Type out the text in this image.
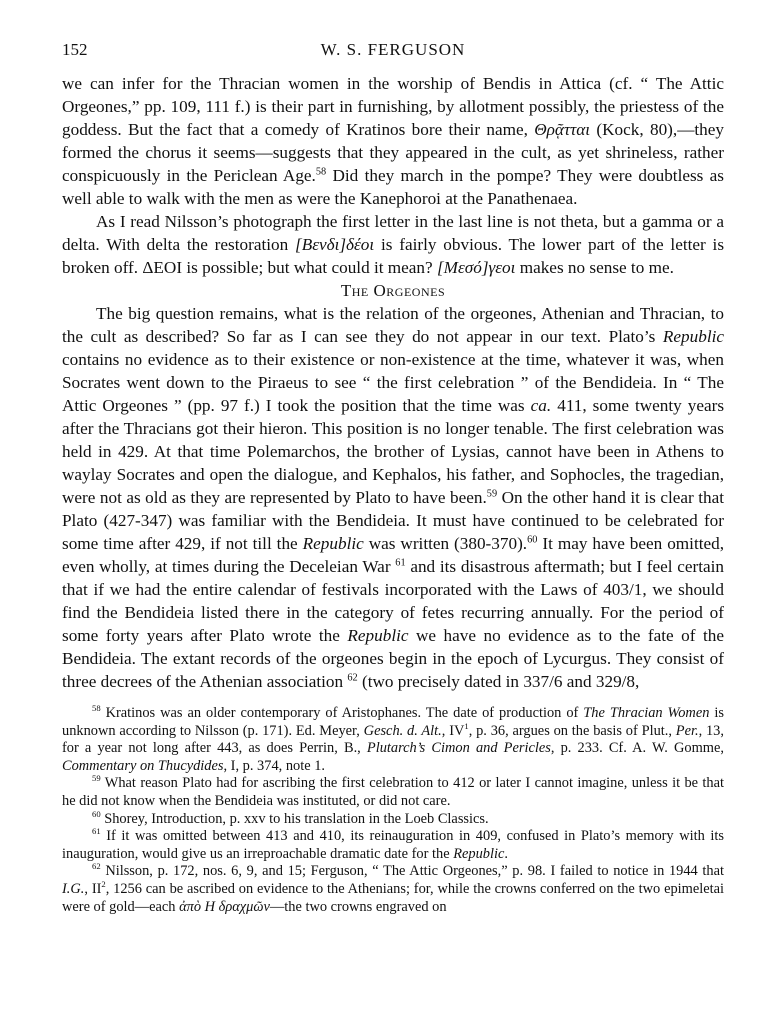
152	W. S. FERGUSON

we can infer for the Thracian women in the worship of Bendis in Attica (cf. “ The Attic Orgeones,” pp. 109, 111 f.) is their part in furnishing, by allotment possibly, the priestess of the goddess. But the fact that a comedy of Kratinos bore their name, Θρᾷτται (Kock, 80),—they formed the chorus it seems—suggests that they appeared in the cult, as yet shrineless, rather conspicuously in the Periclean Age.$^{58}$ Did they march in the pompe? They were doubtless as well able to walk with the men as were the Kanephoroi at the Panathenaea.

As I read Nilsson’s photograph the first letter in the last line is not theta, but a gamma or a delta. With delta the restoration [Βενδι]δέοι is fairly obvious. The lower part of the letter is broken off. ΔΕΟΙ is possible; but what could it mean? [Μεσό]γεοι makes no sense to me.

The Orgeones

The big question remains, what is the relation of the orgeones, Athenian and Thracian, to the cult as described? So far as I can see they do not appear in our text. Plato’s Republic contains no evidence as to their existence or non-existence at the time, whatever it was, when Socrates went down to the Piraeus to see “ the first celebration ” of the Bendideia. In “ The Attic Orgeones ” (pp. 97 f.) I took the position that the time was ca. 411, some twenty years after the Thracians got their hieron. This position is no longer tenable. The first celebration was held in 429. At that time Polemarchos, the brother of Lysias, cannot have been in Athens to waylay Socrates and open the dialogue, and Kephalos, his father, and Sophocles, the tragedian, were not as old as they are represented by Plato to have been.$^{59}$ On the other hand it is clear that Plato (427-347) was familiar with the Bendideia. It must have continued to be celebrated for some time after 429, if not till the Republic was written (380-370).$^{60}$ It may have been omitted, even wholly, at times during the Deceleian War $^{61}$ and its disastrous aftermath; but I feel certain that if we had the entire calendar of festivals incorporated with the Laws of 403/1, we should find the Bendideia listed there in the category of fetes recurring annually. For the period of some forty years after Plato wrote the Republic we have no evidence as to the fate of the Bendideia. The extant records of the orgeones begin in the epoch of Lycurgus. They consist of three decrees of the Athenian association $^{62}$ (two precisely dated in 337/6 and 329/8,

$^{58}$ Kratinos was an older contemporary of Aristophanes. The date of production of The Thracian Women is unknown according to Nilsson (p. 171). Ed. Meyer, Gesch. d. Alt., $IV^1$, p. 36, argues on the basis of Plut., Per., 13, for a year not long after 443, as does Perrin, B., Plutarch’s Cimon and Pericles, p. 233. Cf. A. W. Gomme, Commentary on Thucydides, I, p. 374, note 1.

$^{59}$ What reason Plato had for ascribing the first celebration to 412 or later I cannot imagine, unless it be that he did not know when the Bendideia was instituted, or did not care.

$^{60}$ Shorey, Introduction, p. xxv to his translation in the Loeb Classics.

$^{61}$ If it was omitted between 413 and 410, its reinauguration in 409, confused in Plato’s memory with its inauguration, would give us an irreproachable dramatic date for the Republic.

$^{62}$ Nilsson, p. 172, nos. 6, 9, and 15; Ferguson, “ The Attic Orgeones,” p. 98. I failed to notice in 1944 that I.G., $II^2$, 1256 can be ascribed on evidence to the Athenians; for, while the crowns conferred on the two epimeletai were of gold—each ἀπὸ Η δραχμῶν—the two crowns engraved on
